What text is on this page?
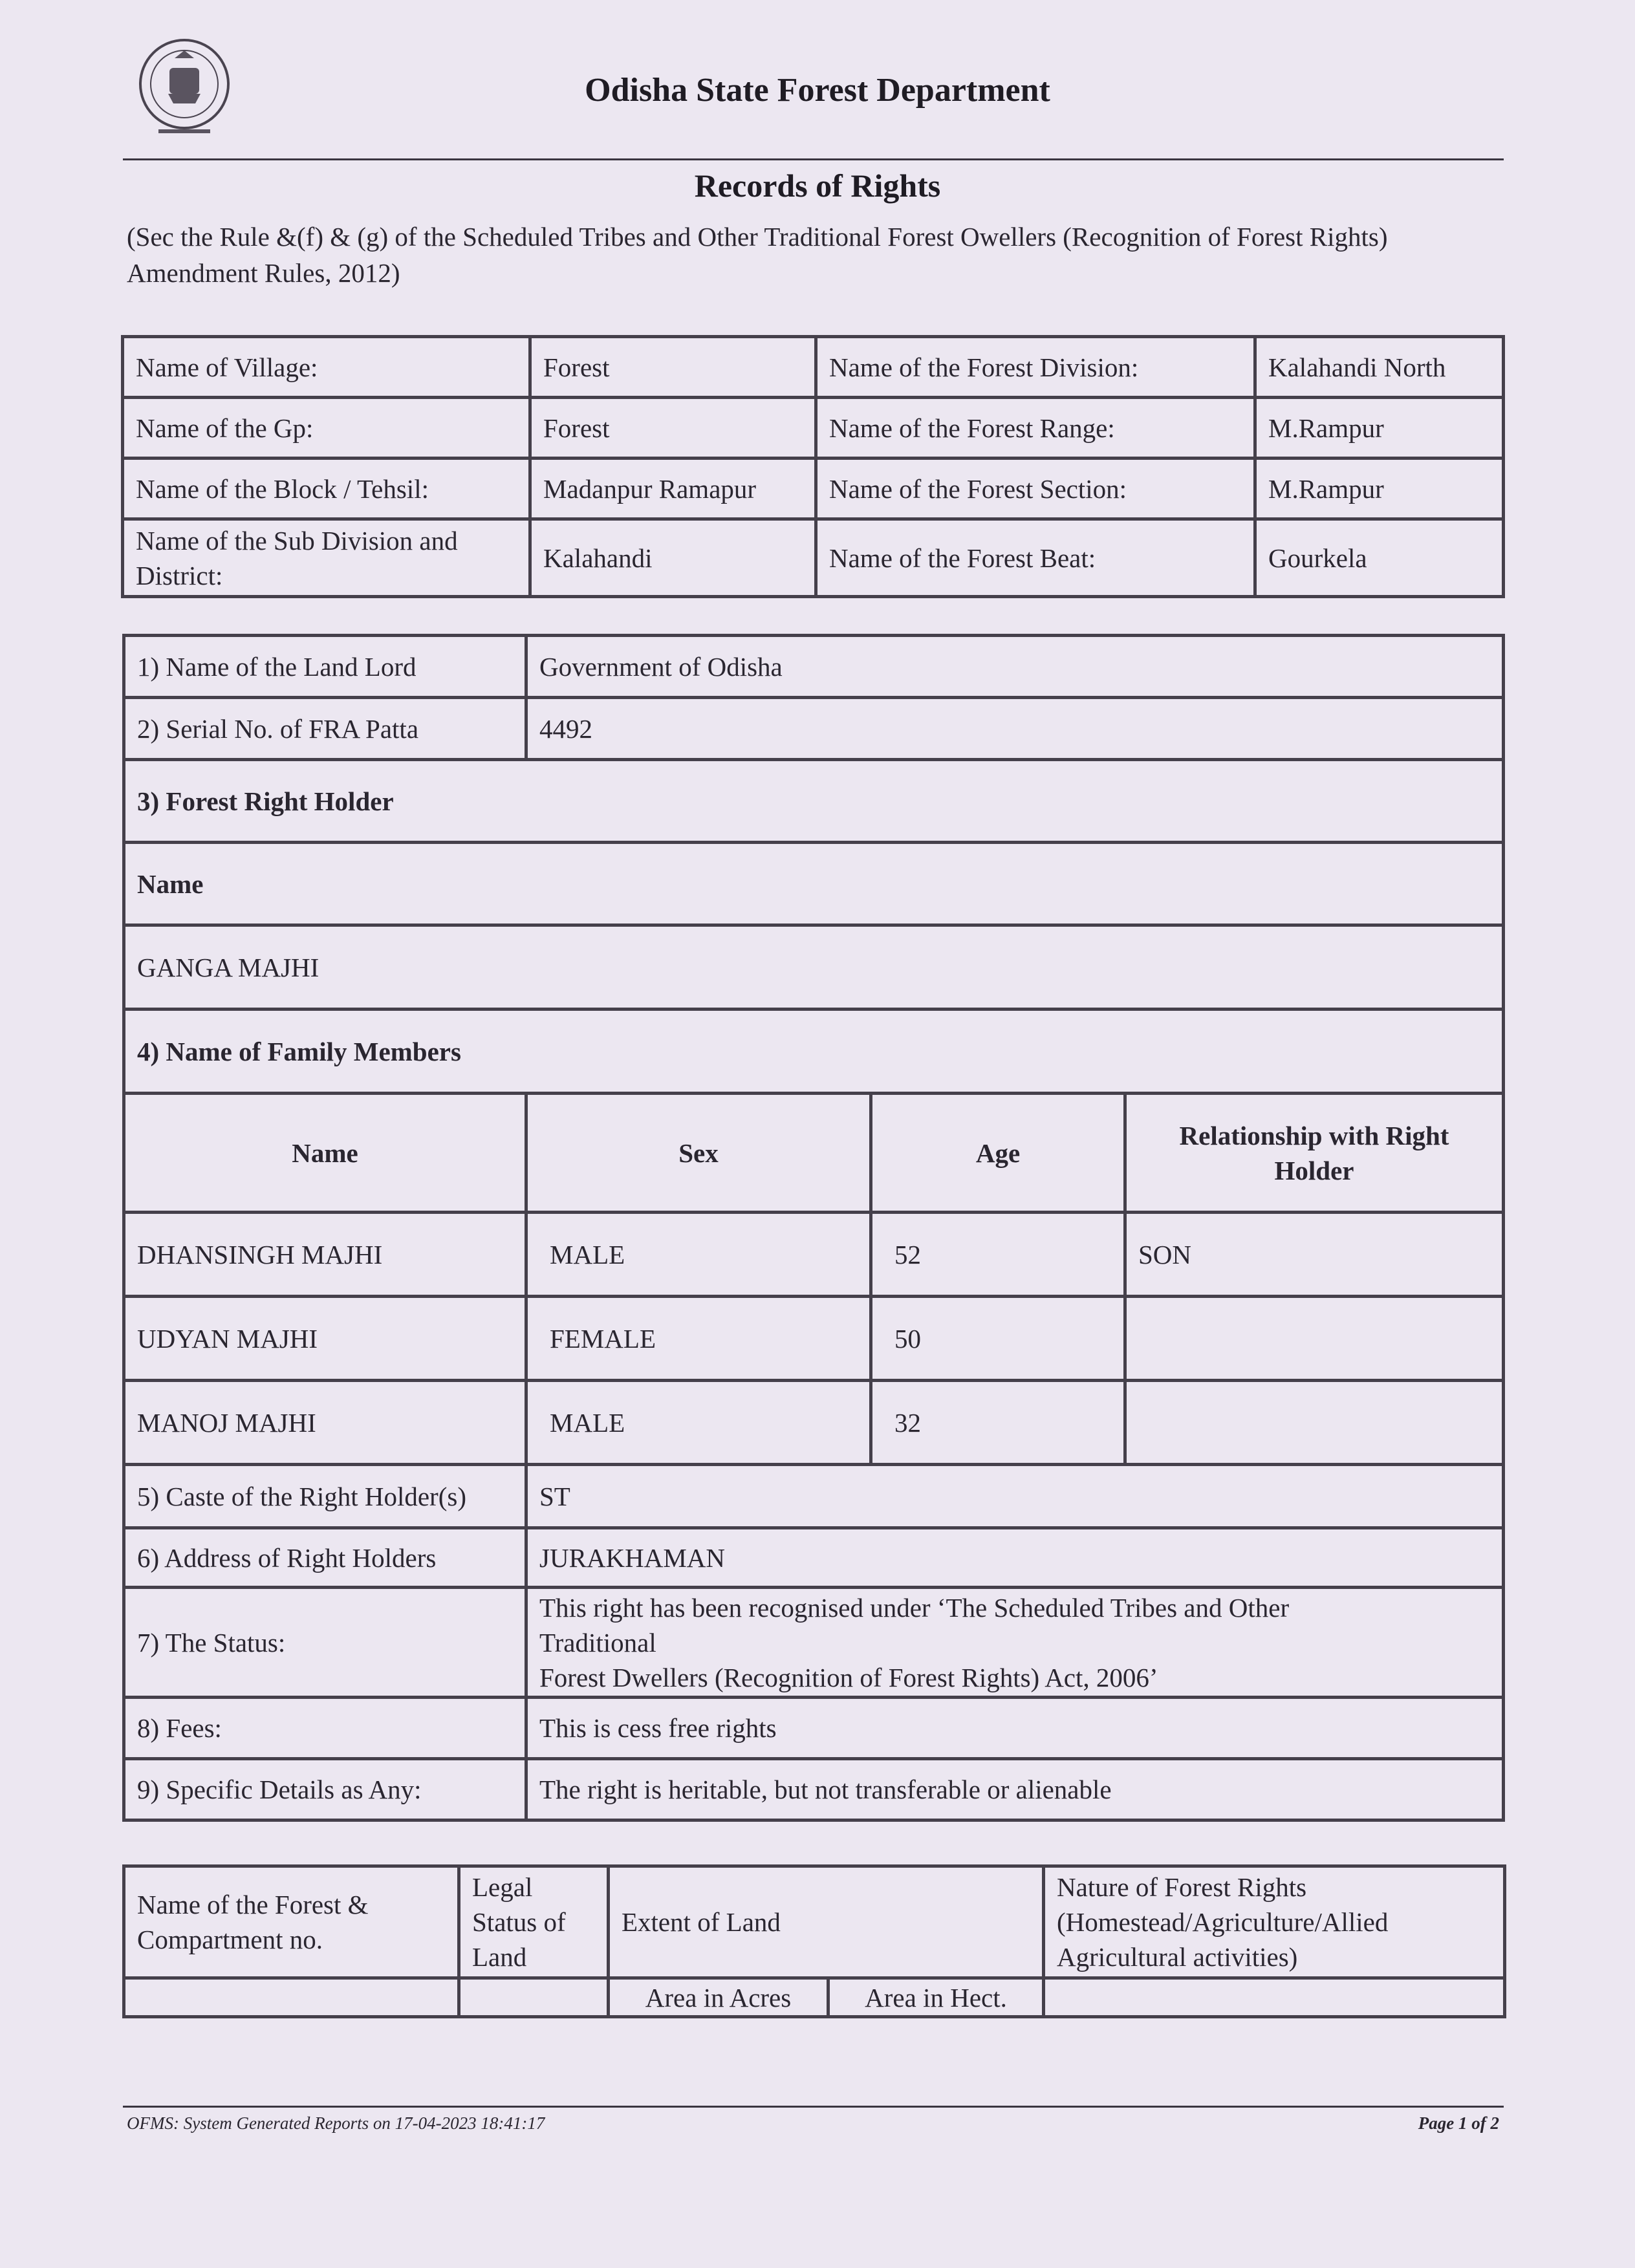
Odisha State Forest Department
Records of Rights
(Sec the Rule &(f) & (g) of the Scheduled Tribes and Other Traditional Forest Owellers (Recognition of Forest Rights) Amendment Rules, 2012)
Name of Village:	Forest	Name of the Forest Division:	Kalahandi North
Name of the Gp:	Forest	Name of the Forest Range:	M.Rampur
Name of the Block / Tehsil:	Madanpur Ramapur	Name of the Forest Section:	M.Rampur
Name of the Sub Division and District:	Kalahandi	Name of the Forest Beat:	Gourkela
1) Name of the Land Lord	Government of Odisha		
2) Serial No. of FRA Patta	4492		
3) Forest Right Holder			
Name			
GANGA MAJHI			
4) Name of Family Members			
Name	Sex	Age	Relationship with Right Holder
DHANSINGH MAJHI	MALE	52	SON
UDYAN MAJHI	FEMALE	50	
MANOJ MAJHI	MALE	32	
5) Caste of the Right Holder(s)	ST		
6) Address of Right Holders	JURAKHAMAN		
7) The Status:	This right has been recognised under ‘The Scheduled Tribes and Other Traditional
Forest Dwellers (Recognition of Forest Rights) Act, 2006’		

8) Fees:	This is cess free rights		
9) Specific Details as Any:	The right is heritable, but not transferable or alienable		
Name of the Forest & Compartment no.	Legal Status of Land	Extent of Land		Nature of Forest Rights (Homestead/Agriculture/Allied Agricultural activities)
		Area in Acres	Area in Hect.	
OFMS: System Generated Reports on 17-04-2023 18:41:17	Page 1 of 2
